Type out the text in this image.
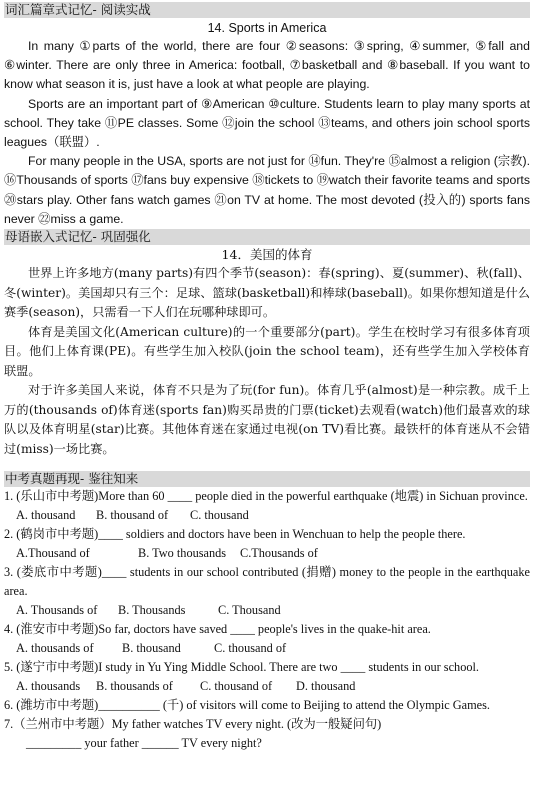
词汇篇章式记忆- 阅读实战
14. Sports in America

In many ①parts of the world, there are four ②seasons: ③spring, ④summer, ⑤fall and ⑥winter. There are only three in America: football, ⑦basketball and ⑧baseball. If you want to know what season it is, just have a look at what people are playing.

Sports are an important part of ⑨American ⑩culture. Students learn to play many sports at school. They take ⑪PE classes. Some ⑫join the school ⑬teams, and others join school sports leagues（联盟）.

For many people in the USA, sports are not just for ⑭fun. They're ⑮almost a religion (宗教). ⑯Thousands of sports ⑰fans buy expensive ⑱tickets to ⑲watch their favorite teams and sports ⑳stars play. Other fans watch games ㉑on TV at home. The most devoted (投入的) sports fans never ㉒miss a game.

母语嵌入式记忆- 巩固强化
14．美国的体育

世界上许多地方(many parts)有四个季节(season)：春(spring)、夏(summer)、秋(fall)、冬(winter)。美国却只有三个：足球、篮球(basketball)和棒球(baseball)。如果你想知道是什么赛季(season)，只需看一下人们在玩哪种球即可。

体育是美国文化(American culture)的一个重要部分(part)。学生在校时学习有很多体育项目。他们上体育课(PE)。有些学生加入校队(join the school team)，还有些学生加入学校体育联盟。

对于许多美国人来说，体育不只是为了玩(for fun)。体育几乎(almost)是一种宗教。成千上万的(thousands of)体育迷(sports fan)购买昂贵的门票(ticket)去观看(watch)他们最喜欢的球队以及体育明星(star)比赛。其他体育迷在家通过电视(on TV)看比赛。最铁杆的体育迷从不会错过(miss)一场比赛。

中考真题再现- 鉴往知来

1. (乐山市中考题)More than 60 ____ people died in the powerful earthquake (地震) in Sichuan province.

A. thousand B. thousand of C. thousand

2. (鹤岗市中考题)____ soldiers and doctors have been in Wenchuan to help the people there.

A.Thousand of	B. Two thousands C.Thousands of

3. (娄底市中考题)____ students in our school contributed (捐赠) money to the people in the earthquake area.

A. Thousands of B. Thousands	C. Thousand

4. (淮安市中考题)So far, doctors have saved ____ people's lives in the quake-hit area.

A. thousands of B. thousand	C. thousand of

5. (遂宁市中考题)I study in Yu Ying Middle School. There are two ____ students in our school.

A. thousands B. thousands of C. thousand of D. thousand

6. (潍坊市中考题)__________ (千) of visitors will come to Beijing to attend the Olympic Games.

7.（兰州市中考题）My father watches TV every night. (改为一般疑问句)

_________ your father ______ TV every night?
